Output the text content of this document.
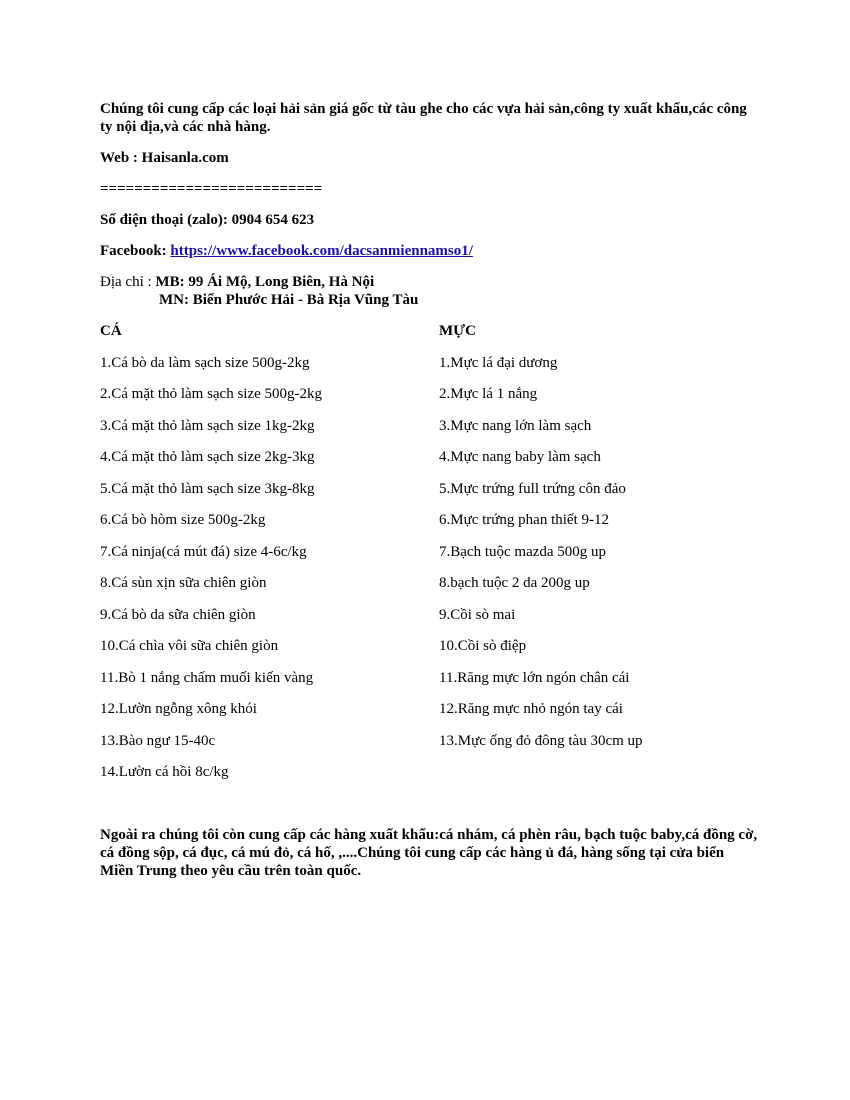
Chúng tôi cung cấp các loại hải sản giá gốc từ tàu ghe cho các vựa hải sản,công ty xuất khẩu,các công ty nội địa,và các nhà hàng.

Web : Haisanla.com
==========================
Số điện thoại (zalo): 0904 654 623
Facebook: https://www.facebook.com/dacsanmiennamso1/
Địa chỉ : MB: 99 Ái Mộ, Long Biên, Hà Nội
MN: Biển Phước Hải - Bà Rịa Vũng Tàu
CÁ
1.Cá bò da làm sạch size 500g-2kg
2.Cá mặt thỏ làm sạch size 500g-2kg
3.Cá mặt thỏ làm sạch size 1kg-2kg
4.Cá mặt thỏ làm sạch size 2kg-3kg
5.Cá mặt thỏ làm sạch size 3kg-8kg
6.Cá bò hòm size 500g-2kg
7.Cá ninja(cá mút đá) size 4-6c/kg
8.Cá sùn xịn sữa chiên giòn
9.Cá bò da sữa chiên giòn
10.Cá chìa vôi sữa chiên giòn
11.Bò 1 nắng chấm muối kiến vàng
12.Lườn ngỗng xông khói
13.Bào ngư 15-40c
14.Lườn cá hồi 8c/kg
MỰC
1.Mực lá đại dương
2.Mực lá 1 nắng
3.Mực nang lớn làm sạch
4.Mực nang baby làm sạch
5.Mực trứng full trứng côn đảo
6.Mực trứng phan thiết 9-12
7.Bạch tuộc mazda 500g up
8.bạch tuộc 2 da 200g up
9.Cồi sò mai
10.Cồi sò điệp
11.Răng mực lớn ngón chân cái
12.Răng mực nhỏ ngón tay cái
13.Mực ống đỏ đông tàu 30cm up

Ngoài ra chúng tôi còn cung cấp các hàng xuất khẩu:cá nhám, cá phèn râu, bạch tuộc baby,cá đồng cờ, cá đồng sộp, cá đục, cá mú đỏ, cá hố, ,....Chúng tôi cung cấp các hàng ủ đá, hàng sống tại cửa biển Miền Trung theo yêu cầu trên toàn quốc.
